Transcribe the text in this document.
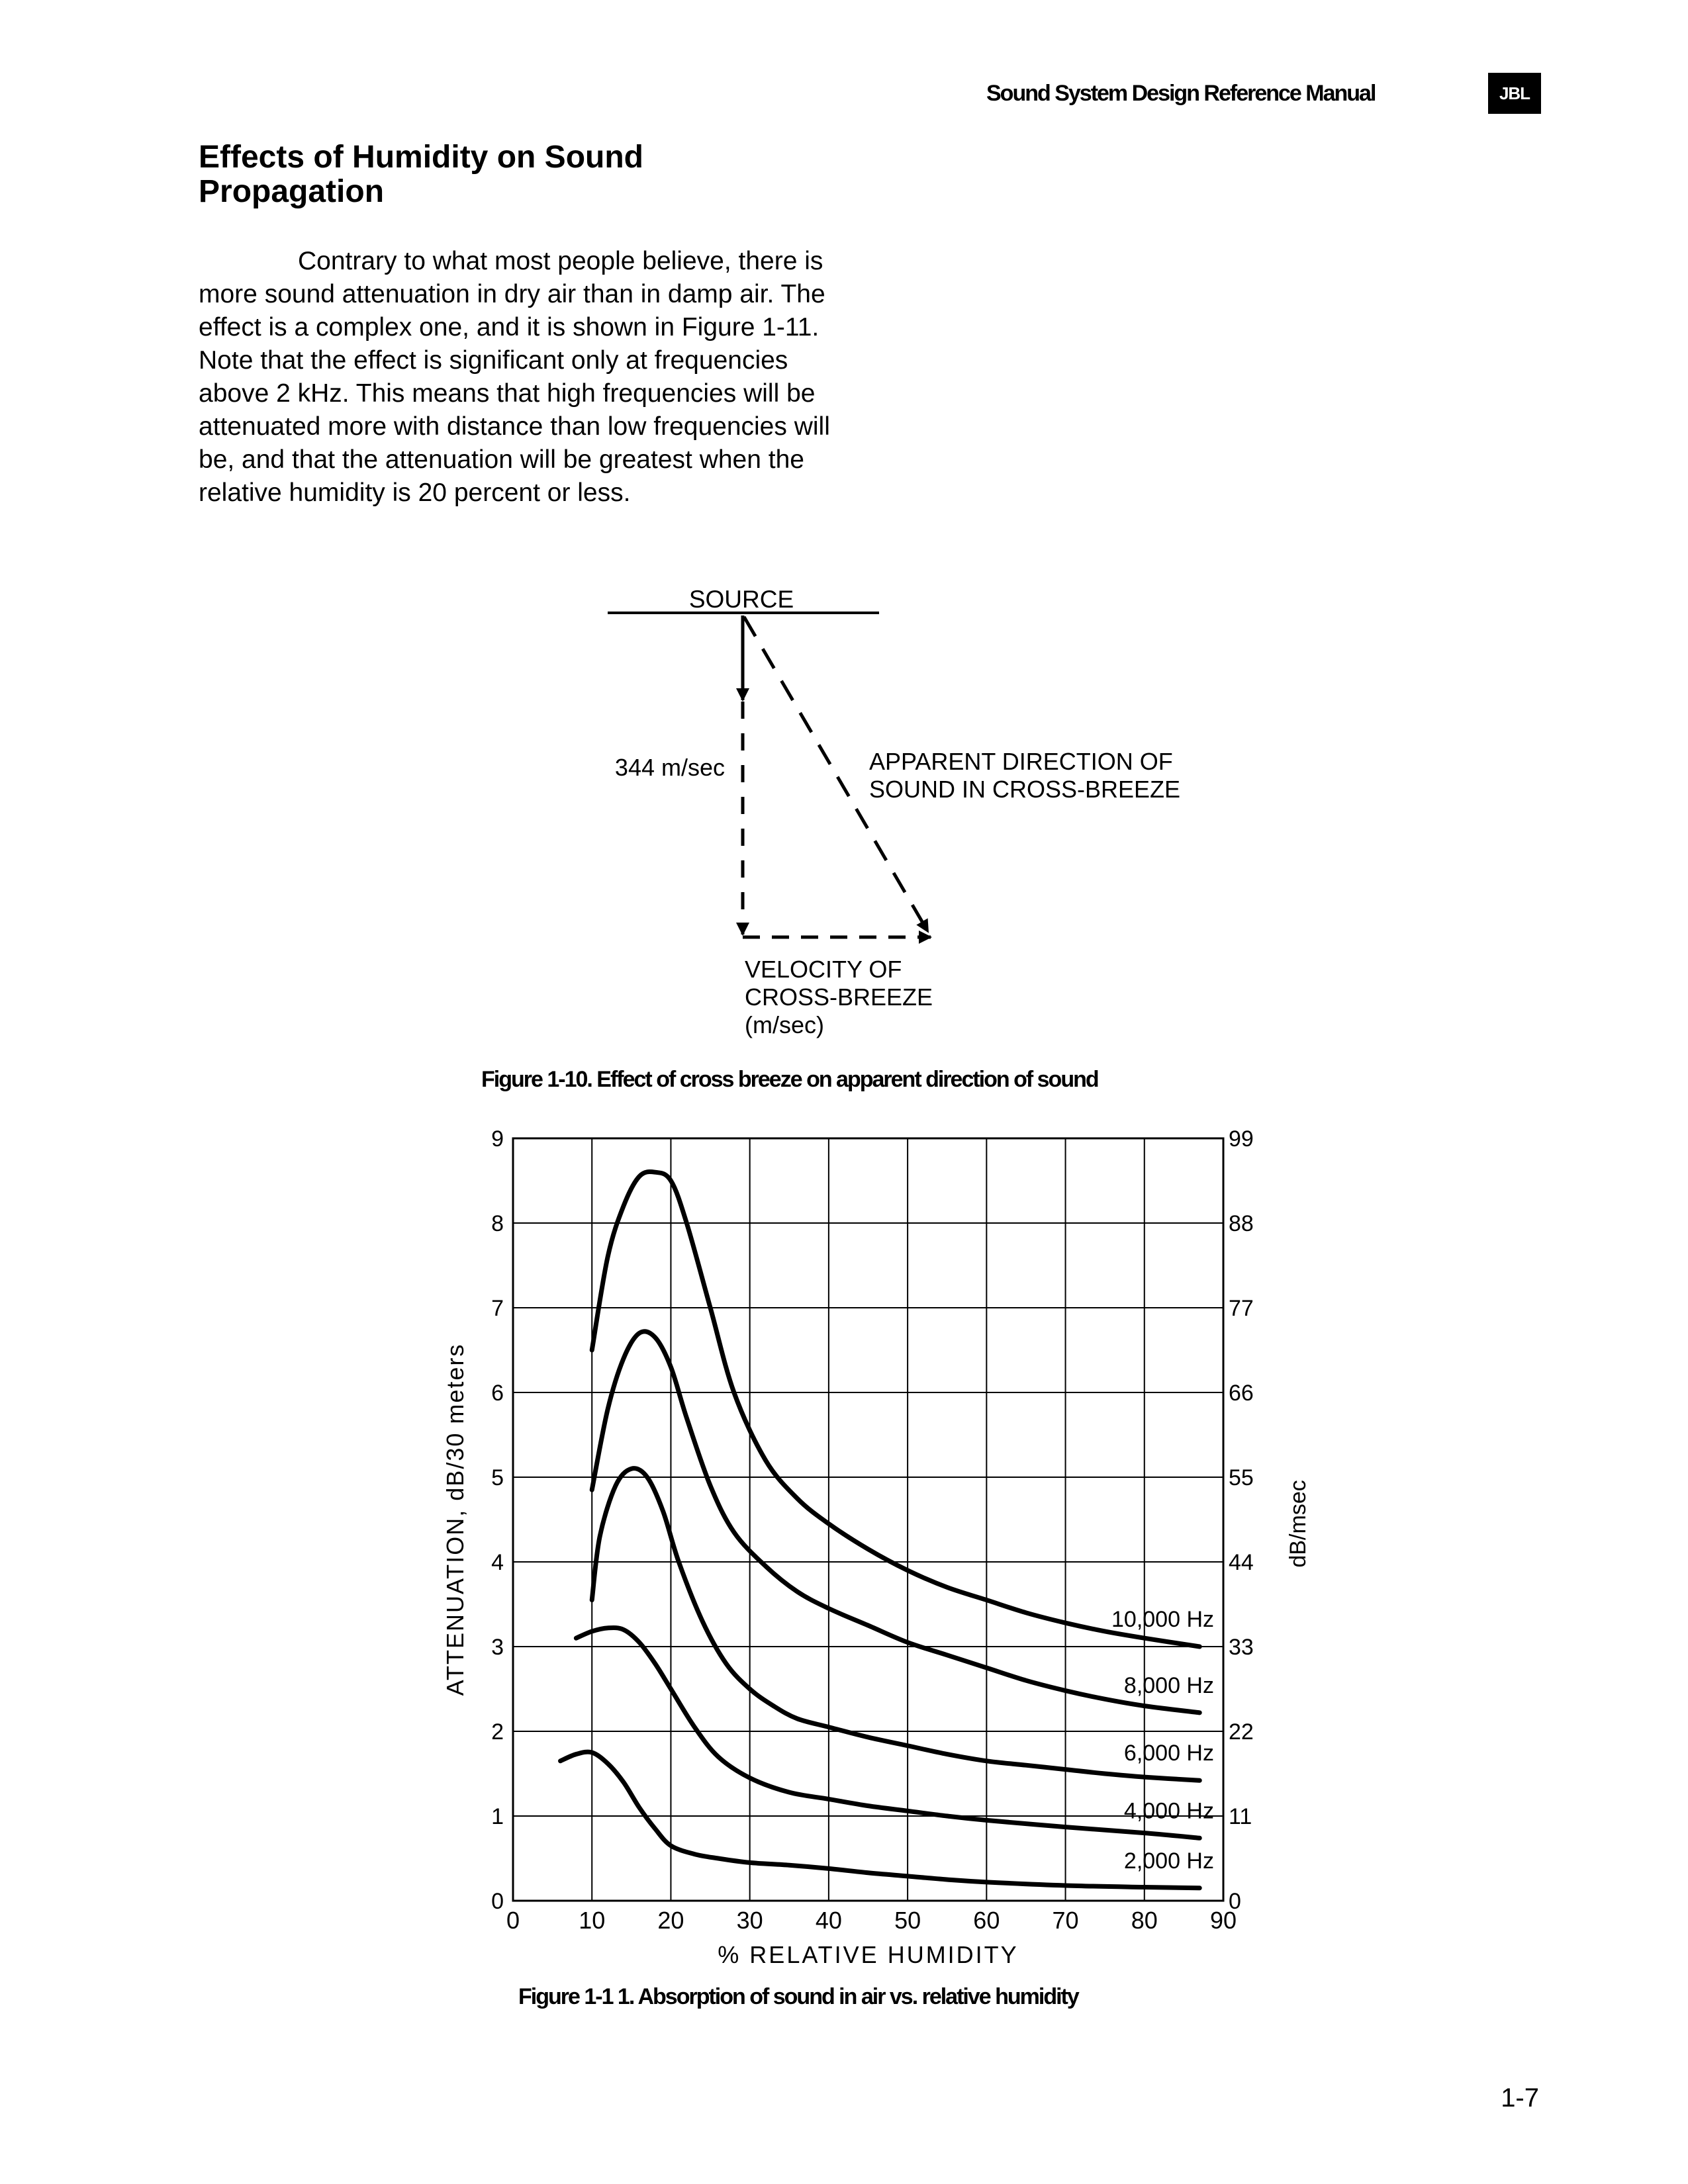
Sound System Design Reference Manual	JBL
Effects of Humidity on Sound Propagation
Contrary to what most people believe, there is more sound attenuation in dry air than in damp air. The effect is a complex one, and it is shown in Figure 1-11. Note that the effect is significant only at frequencies above 2 kHz. This means that high frequencies will be attenuated more with distance than low frequencies will be, and that the attenuation will be greatest when the relative humidity is 20 percent or less.
SOURCE
344 m/sec	APPARENT DIRECTION OF
SOUND IN CROSS-BREEZE
VELOCITY OF
CROSS-BREEZE
(m/sec)
Figure 1-10. Effect of cross breeze on apparent direction of sound
0 10 20 30 40 50 60 70 80 90
0
1
2
3
4
5
6
7
8
9
0
11
22
33
44
55
66
77
88
99
% RELATIVE HUMIDITY
ATTENUATION, dB/30 meters	dB/msec
10,000 Hz
8,000 Hz
6,000 Hz
4,000 Hz
2,000 Hz
Figure 1-1 1. Absorption of sound in air vs. relative humidity
1-7
